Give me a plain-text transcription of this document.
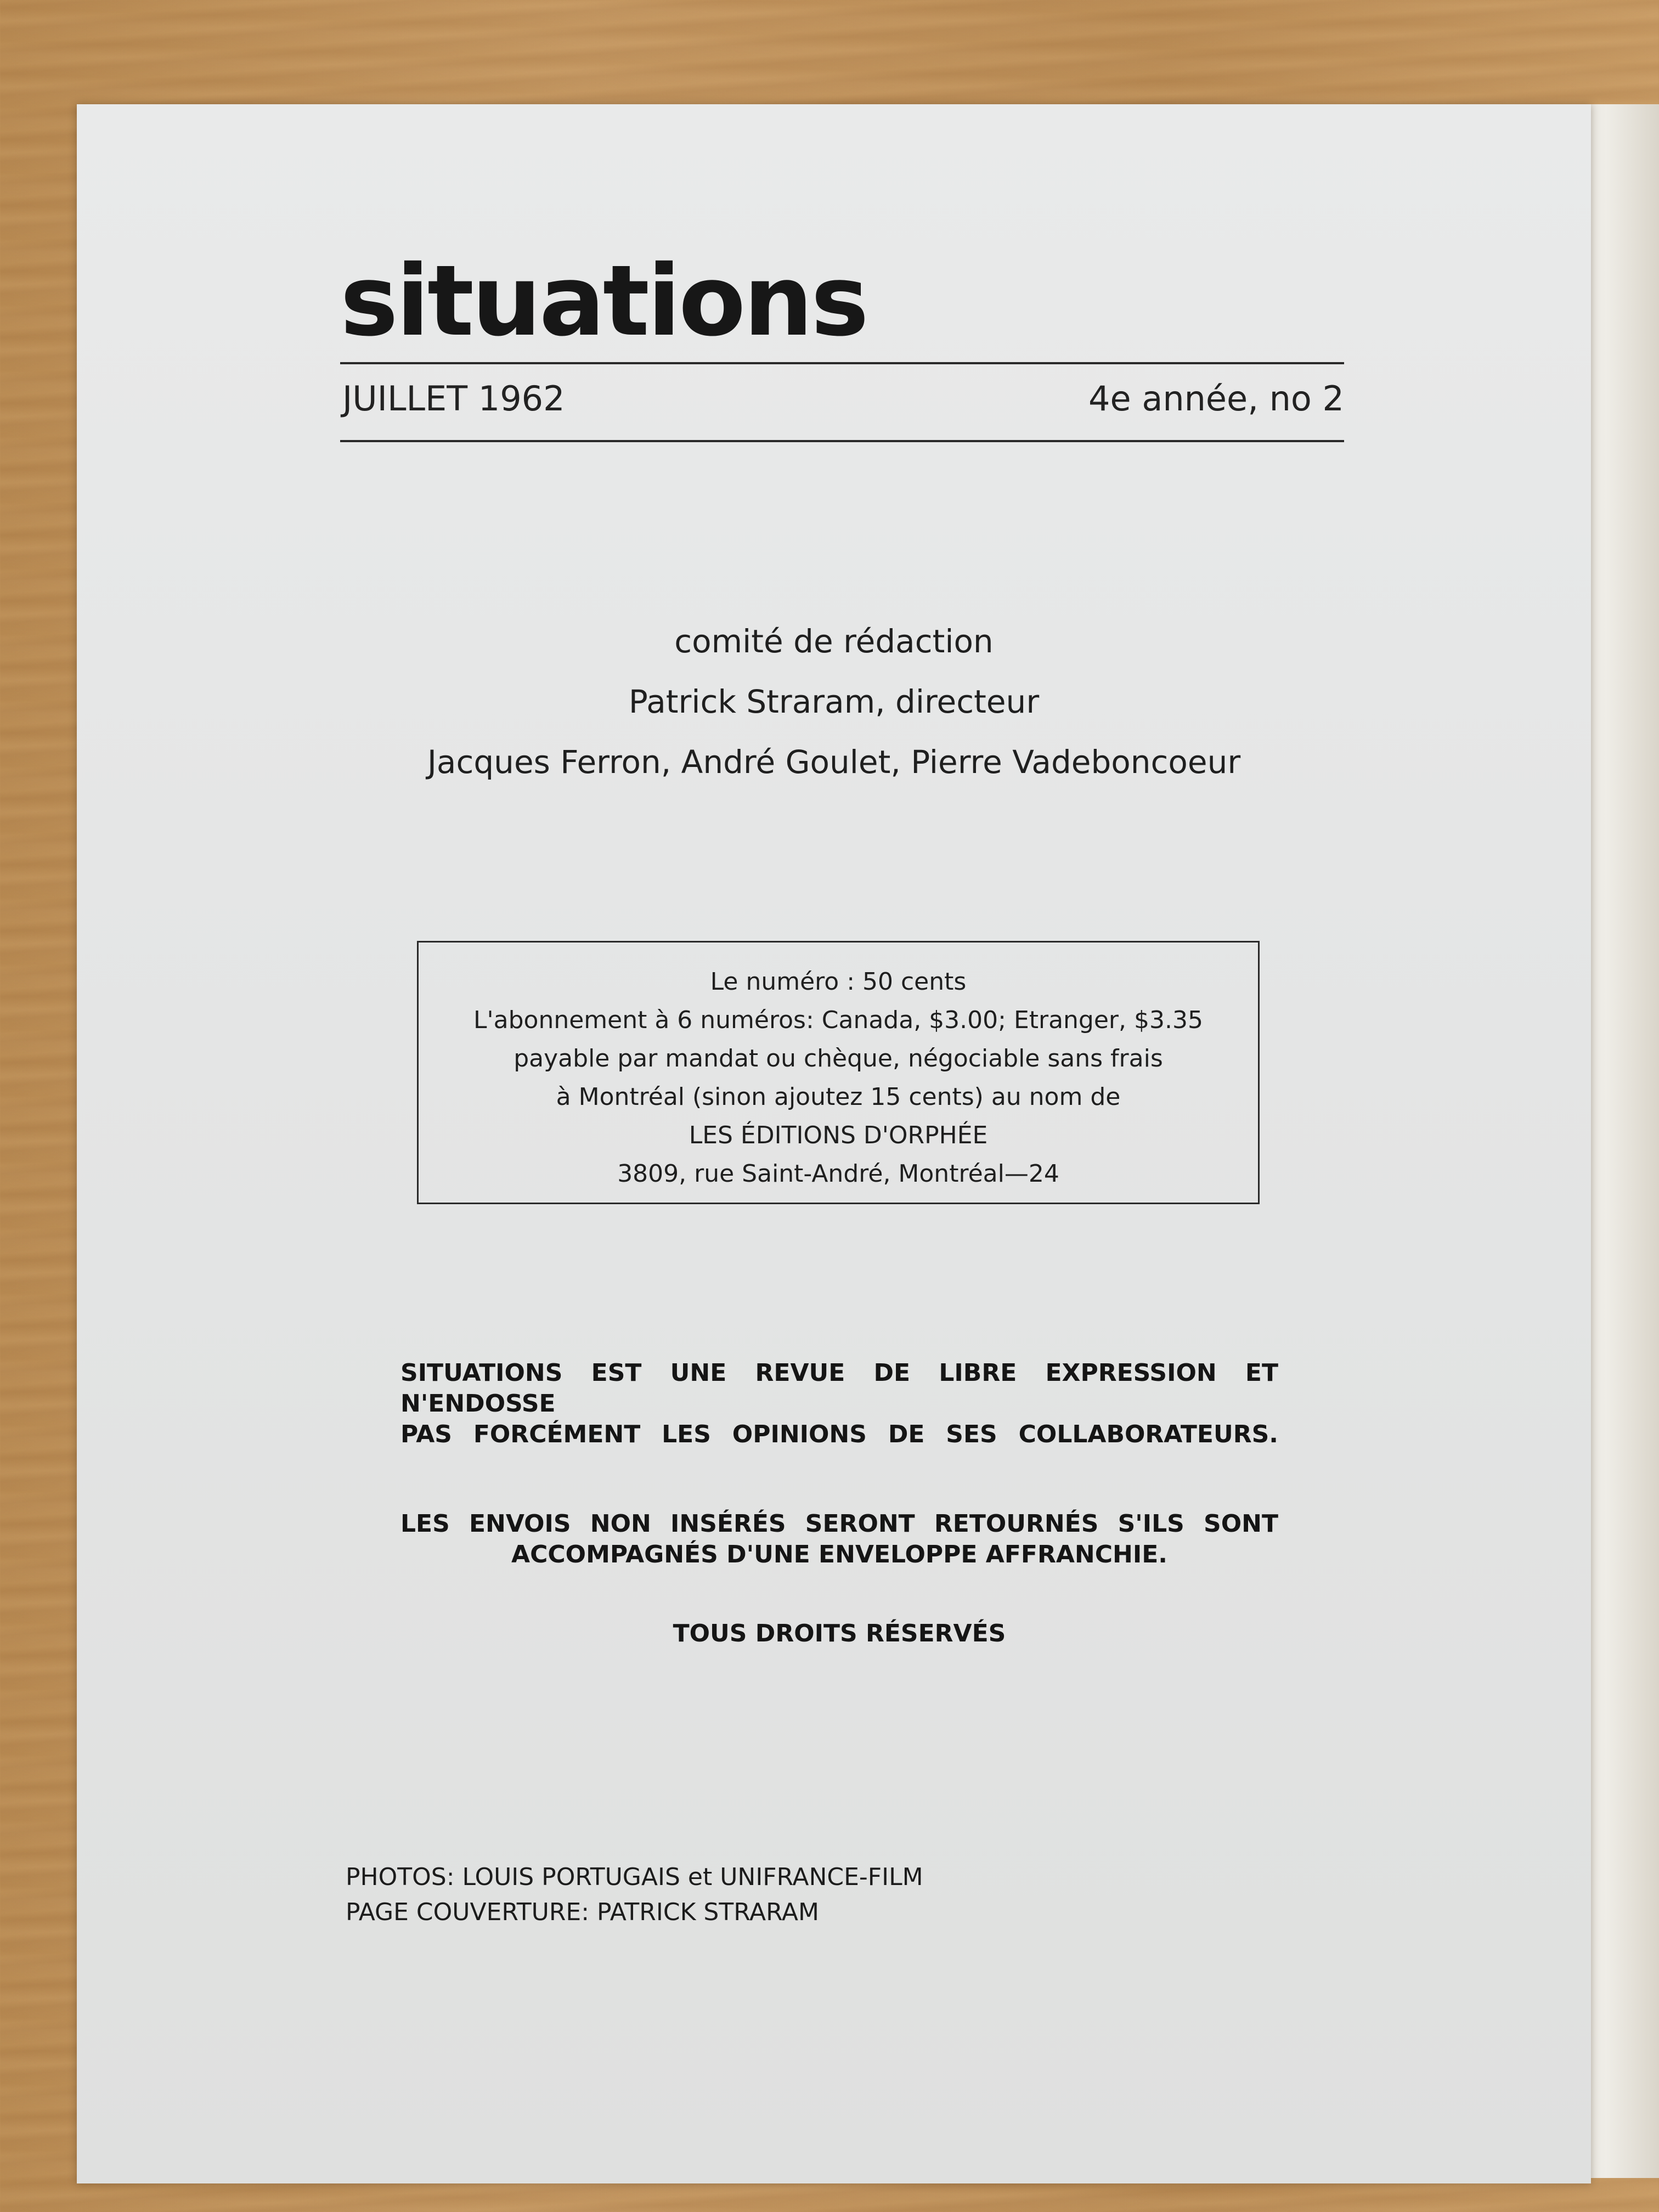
situations
JUILLET 1962	4e année, no 2
comité de rédaction
Patrick Straram, directeur
Jacques Ferron, André Goulet, Pierre Vadeboncoeur
Le numéro : 50 cents
L'abonnement à 6 numéros: Canada, $3.00; Etranger, $3.35
payable par mandat ou chèque, négociable sans frais
à Montréal (sinon ajoutez 15 cents) au nom de
LES ÉDITIONS D'ORPHÉE
3809, rue Saint-André, Montréal—24
SITUATIONS EST UNE REVUE DE LIBRE EXPRESSION ET N'ENDOSSE
PAS FORCÉMENT LES OPINIONS DE SES COLLABORATEURS.
LES ENVOIS NON INSÉRÉS SERONT RETOURNÉS S'ILS SONT
ACCOMPAGNÉS D'UNE ENVELOPPE AFFRANCHIE.
TOUS DROITS RÉSERVÉS
PHOTOS: LOUIS PORTUGAIS et UNIFRANCE-FILM
PAGE COUVERTURE: PATRICK STRARAM
